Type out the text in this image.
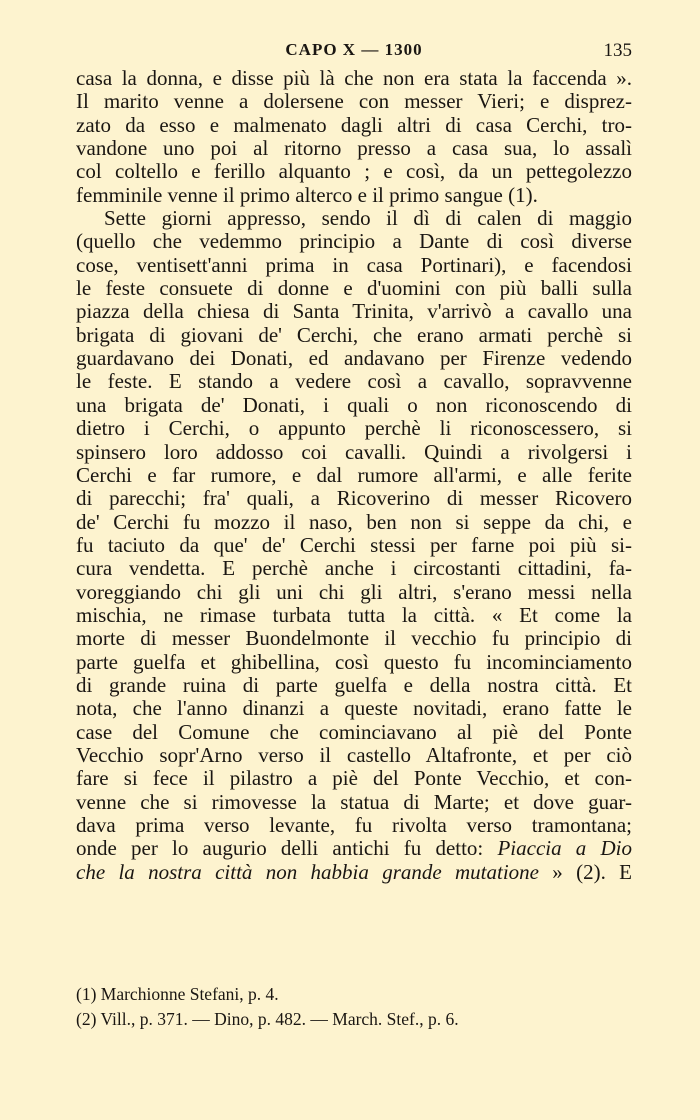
CAPO X — 1300	135
casa la donna, e disse più là che non era stata la faccenda ».
Il marito venne a dolersene con messer Vieri; e disprez-
zato da esso e malmenato dagli altri di casa Cerchi, tro-
vandone uno poi al ritorno presso a casa sua, lo assalì
col coltello e ferillo alquanto ; e così, da un pettegolezzo
femminile venne il primo alterco e il primo sangue (1).
Sette giorni appresso, sendo il dì di calen di maggio
(quello che vedemmo principio a Dante di così diverse
cose, ventisett'anni prima in casa Portinari), e facendosi
le feste consuete di donne e d'uomini con più balli sulla
piazza della chiesa di Santa Trinita, v'arrivò a cavallo una
brigata di giovani de' Cerchi, che erano armati perchè si
guardavano dei Donati, ed andavano per Firenze vedendo
le feste. E stando a vedere così a cavallo, sopravvenne
una brigata de' Donati, i quali o non riconoscendo di
dietro i Cerchi, o appunto perchè li riconoscessero, si
spinsero loro addosso coi cavalli. Quindi a rivolgersi i
Cerchi e far rumore, e dal rumore all'armi, e alle ferite
di parecchi; fra' quali, a Ricoverino di messer Ricovero
de' Cerchi fu mozzo il naso, ben non si seppe da chi, e
fu taciuto da que' de' Cerchi stessi per farne poi più si-
cura vendetta. E perchè anche i circostanti cittadini, fa-
voreggiando chi gli uni chi gli altri, s'erano messi nella
mischia, ne rimase turbata tutta la città. « Et come la
morte di messer Buondelmonte il vecchio fu principio di
parte guelfa et ghibellina, così questo fu incominciamento
di grande ruina di parte guelfa e della nostra città. Et
nota, che l'anno dinanzi a queste novitadi, erano fatte le
case del Comune che cominciavano al piè del Ponte
Vecchio sopr'Arno verso il castello Altafronte, et per ciò
fare si fece il pilastro a piè del Ponte Vecchio, et con-
venne che si rimovesse la statua di Marte; et dove guar-
dava prima verso levante, fu rivolta verso tramontana;
onde per lo augurio delli antichi fu detto: Piaccia a Dio
che la nostra città non habbia grande mutatione » (2). E
(1) Marchionne Stefani, p. 4.
(2) Vill., p. 371. — Dino, p. 482. — March. Stef., p. 6.
